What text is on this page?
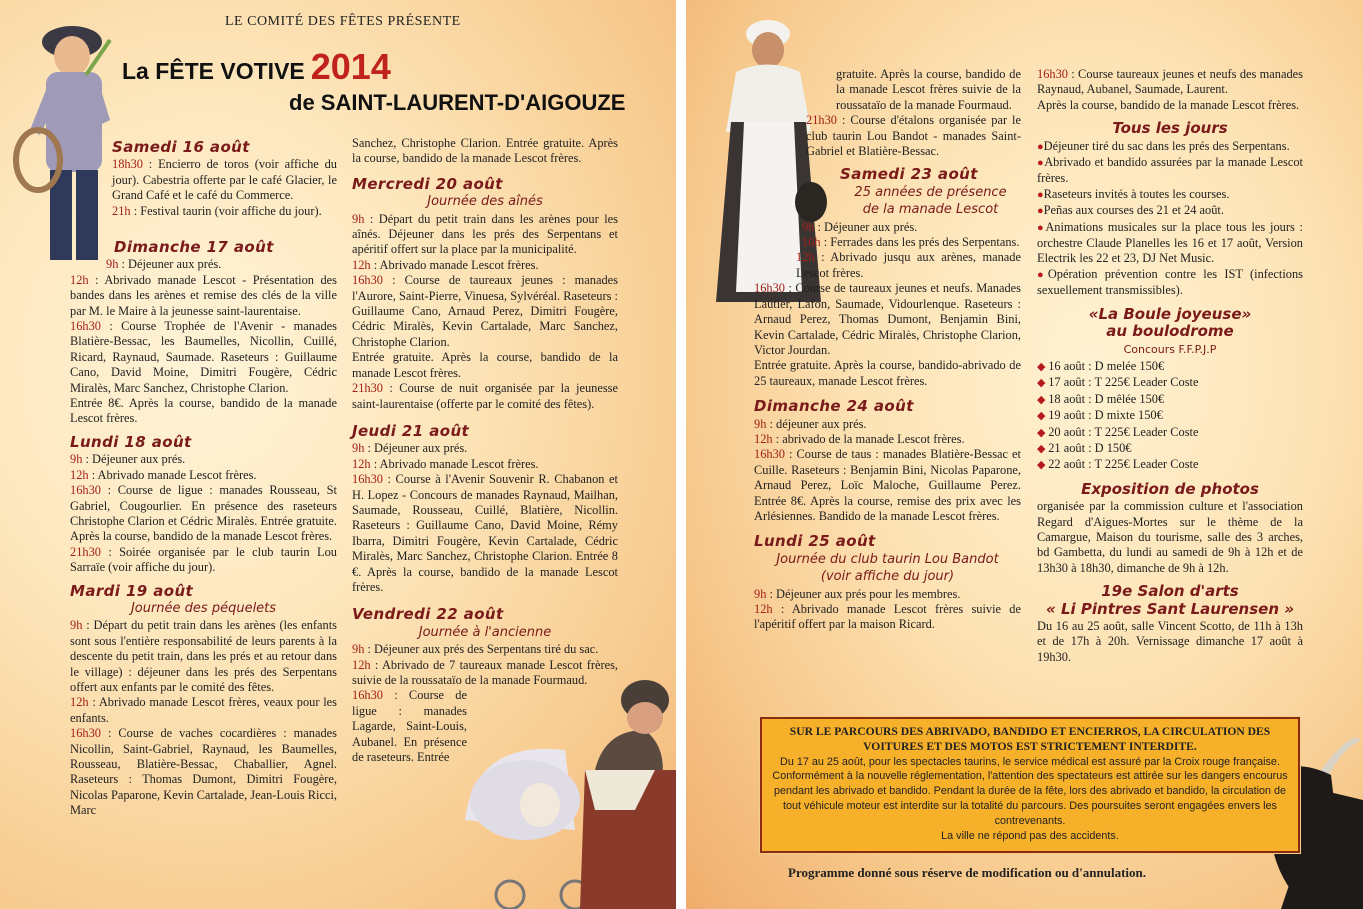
LE COMITÉ DES FÊTES PRÉSENTE
La FÊTE VOTIVE 2014
de SAINT-LAURENT-D'AIGOUZE
Samedi 16 août

18h30 : Encierro de toros (voir affiche du jour). Cabestria offerte par le café Glacier, le Grand Café et le café du Commerce.

21h : Festival taurin (voir affiche du jour).

Dimanche 17 août

9h : Déjeuner aux prés.

12h : Abrivado manade Lescot - Présentation des bandes dans les arènes et remise des clés de la ville par M. le Maire à la jeunesse saint-laurentaise.

16h30 : Course Trophée de l'Avenir - manades Blatière-Bessac, les Baumelles, Nicollin, Cuillé, Ricard, Raynaud, Saumade. Raseteurs : Guillaume Cano, David Moine, Dimitri Fougère, Cédric Miralès, Marc Sanchez, Christophe Clarion.

Entrée 8€. Après la course, bandido de la manade Lescot frères.

Lundi 18 août

9h : Déjeuner aux prés.

12h : Abrivado manade Lescot frères.

16h30 : Course de ligue : manades Rousseau, St Gabriel, Cougourlier. En présence des raseteurs Christophe Clarion et Cédric Miralès. Entrée gratuite. Après la course, bandido de la manade Lescot frères.

21h30 : Soirée organisée par le club taurin Lou Sarraïe (voir affiche du jour).

Mardi 19 août
Journée des péquelets

9h : Départ du petit train dans les arènes (les enfants sont sous l'entière responsabilité de leurs parents à la descente du petit train, dans les prés et au retour dans le village) : déjeuner dans les prés des Serpentans offert aux enfants par le comité des fêtes.

12h : Abrivado manade Lescot frères, veaux pour les enfants.

16h30 : Course de vaches cocardières : manades Nicollin, Saint-Gabriel, Raynaud, les Baumelles, Rousseau, Blatière-Bessac, Chaballier, Agnel. Raseteurs : Thomas Dumont, Dimitri Fougère, Nicolas Paparone, Kevin Cartalade, Jean-Louis Ricci, Marc

Sanchez, Christophe Clarion. Entrée gratuite. Après la course, bandido de la manade Lescot frères.

Mercredi 20 août
Journée des aînés

9h : Départ du petit train dans les arènes pour les aînés. Déjeuner dans les prés des Serpentans et apéritif offert sur la place par la municipalité.

12h : Abrivado manade Lescot frères.

16h30 : Course de taureaux jeunes : manades l'Aurore, Saint-Pierre, Vinuesa, Sylvéréal. Raseteurs : Guillaume Cano, Arnaud Perez, Dimitri Fougère, Cédric Miralès, Kevin Cartalade, Marc Sanchez, Christophe Clarion.

Entrée gratuite. Après la course, bandido de la manade Lescot frères.

21h30 : Course de nuit organisée par la jeunesse saint-laurentaise (offerte par le comité des fêtes).

Jeudi 21 août

9h : Déjeuner aux prés.

12h : Abrivado manade Lescot frères.

16h30 : Course à l'Avenir Souvenir R. Chabanon et H. Lopez - Concours de manades Raynaud, Mailhan, Saumade, Rousseau, Cuillé, Blatière, Nicollin. Raseteurs : Guillaume Cano, David Moine, Rémy Ibarra, Dimitri Fougère, Kevin Cartalade, Cédric Miralès, Marc Sanchez, Christophe Clarion. Entrée 8 €. Après la course, bandido de la manade Lescot frères.

Vendredi 22 août
Journée à l'ancienne

9h : Déjeuner aux prés des Serpentans tiré du sac.

12h : Abrivado de 7 taureaux manade Lescot frères, suivie de la roussataïo de la manade Fourmaud.

16h30 : Course de ligue : manades Lagarde, Saint-Louis, Aubanel. En présence de raseteurs. Entrée

gratuite. Après la course, bandido de la manade Lescot frères suivie de la roussataïo de la manade Fourmaud.

21h30 : Course d'étalons organisée par le club taurin Lou Bandot - manades Saint-Gabriel et Blatière-Bessac.

Samedi 23 août
25 années de présence
de la manade Lescot

9h : Déjeuner aux prés.

10h : Ferrades dans les prés des Serpentans.

12h : Abrivado jusqu aux arènes, manade Lescot frères.

16h30 : Course de taureaux jeunes et neufs. Manades Lautier, Lafon, Saumade, Vidourlenque. Raseteurs : Arnaud Perez, Thomas Dumont, Benjamin Bini, Kevin Cartalade, Cédric Miralès, Christophe Clarion, Victor Jourdan.

Entrée gratuite. Après la course, bandido-abrivado de 25 taureaux, manade Lescot frères.

Dimanche 24 août

9h : déjeuner aux prés.

12h : abrivado de la manade Lescot frères.

16h30 : Course de taus : manades Blatière-Bessac et Cuille. Raseteurs : Benjamin Bini, Nicolas Paparone, Arnaud Perez, Loïc Maloche, Guillaume Perez. Entrée 8€. Après la course, remise des prix avec les Arlésiennes. Bandido de la manade Lescot frères.

Lundi 25 août
Journée du club taurin Lou Bandot
(voir affiche du jour)

9h : Déjeuner aux prés pour les membres.

12h : Abrivado manade Lescot frères suivie de l'apéritif offert par la maison Ricard.

16h30 : Course taureaux jeunes et neufs des manades Raynaud, Aubanel, Saumade, Laurent.

Après la course, bandido de la manade Lescot frères.

Tous les jours

●Déjeuner tiré du sac dans les prés des Serpentans.

●Abrivado et bandido assurées par la manade Lescot frères.

●Raseteurs invités à toutes les courses.

●Peñas aux courses des 21 et 24 août.

●Animations musicales sur la place tous les jours : orchestre Claude Planelles les 16 et 17 août, Version Electrik les 22 et 23, DJ Net Music.

●Opération prévention contre les IST (infections sexuellement transmissibles).

«La Boule joyeuse»
au boulodrome
Concours F.F.P.J.P

◆ 16 août : D melée 150€

◆ 17 août : T 225€ Leader Coste

◆ 18 août : D mêlée 150€

◆ 19 août : D mixte 150€

◆ 20 août : T 225€ Leader Coste

◆ 21 août : D 150€

◆ 22 août : T 225€ Leader Coste

Exposition de photos

organisée par la commission culture et l'association Regard d'Aigues-Mortes sur le thème de la Camargue, Maison du tourisme, salle des 3 arches, bd Gambetta, du lundi au samedi de 9h à 12h et de 13h30 à 18h30, dimanche de 9h à 12h.

19e Salon d'arts
« Li Pintres Sant Laurensen »

Du 16 au 25 août, salle Vincent Scotto, de 11h à 13h et de 17h à 20h. Vernissage dimanche 17 août à 19h30.

SUR LE PARCOURS DES ABRIVADO, BANDIDO ET ENCIERROS, LA CIRCULATION DES VOITURES ET DES MOTOS EST STRICTEMENT INTERDITE.
Du 17 au 25 août, pour les spectacles taurins, le service médical est assuré par la Croix rouge française. Conformément à la nouvelle réglementation, l'attention des spectateurs est attirée sur les dangers encourus pendant les abrivado et bandido. Pendant la durée de la fête, lors des abrivado et bandido, la circulation de tout véhicule moteur est interdite sur la totalité du parcours. Des poursuites seront engagées envers les contrevenants.
La ville ne répond pas des accidents.
Programme donné sous réserve de modification ou d'annulation.
